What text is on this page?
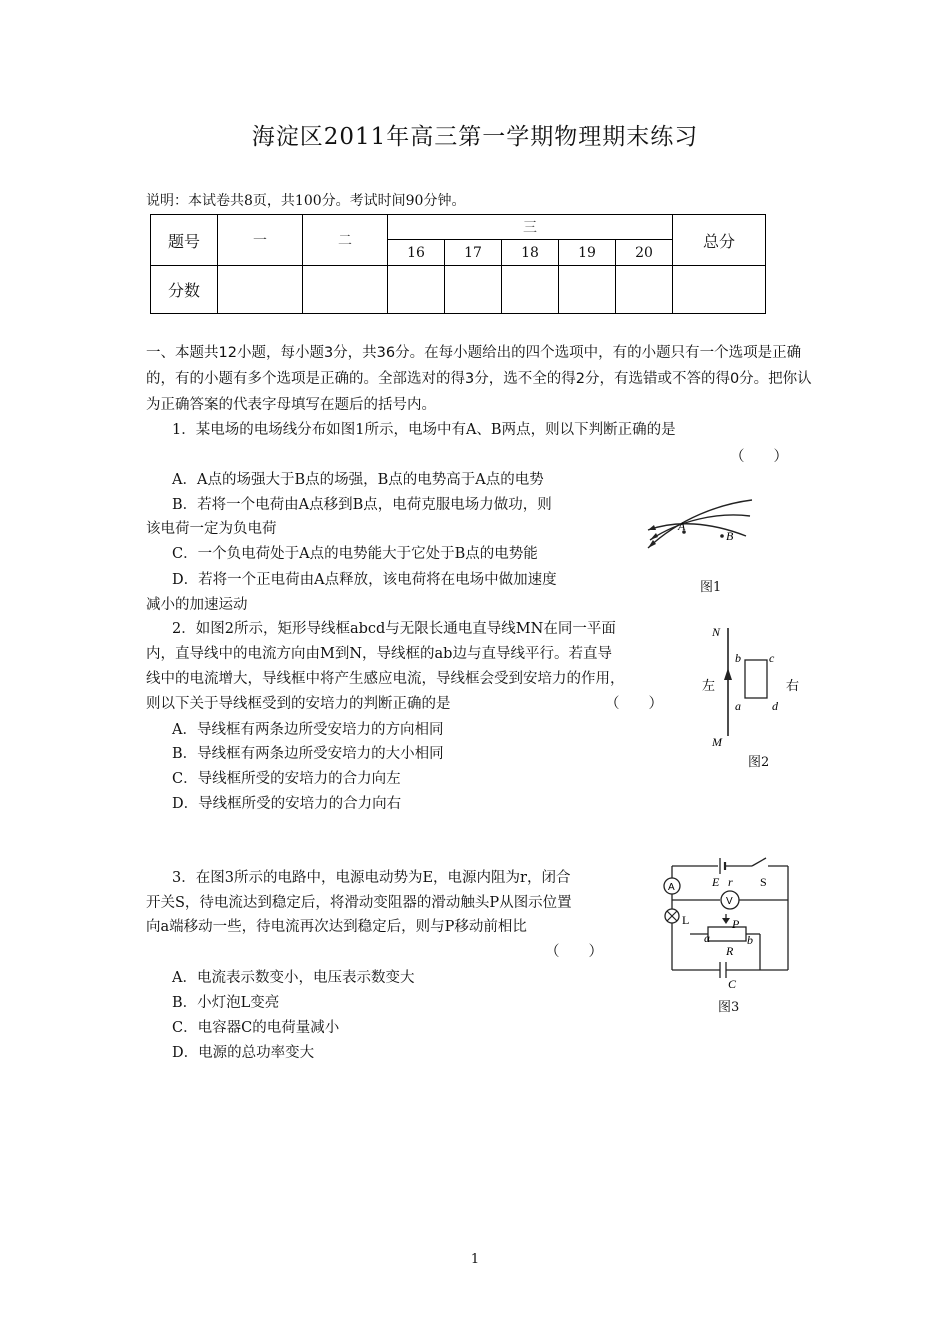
海淀区2011年高三第一学期物理期末练习
说明：本试卷共8页，共100分。考试时间90分钟。
题号	一	二	三					总分
			16	17	18	19	20	
分数								
一、本题共12小题，每小题3分，共36分。在每小题给出的四个选项中，有的小题只有一个选项是正确的，有的小题有多个选项是正确的。全部选对的得3分，选不全的得2分，有选错或不答的得0分。把你认为正确答案的代表字母填写在题后的括号内。
1．某电场的电场线分布如图1所示，电场中有A、B两点，则以下判断正确的是
（　　）
A．A点的场强大于B点的场强，B点的电势高于A点的电势
B．若将一个电荷由A点移到B点，电荷克服电场力做功，则
该电荷一定为负电荷
C．一个负电荷处于A点的电势能大于它处于B点的电势能
D．若将一个正电荷由A点释放，该电荷将在电场中做加速度
减小的加速运动
A
B
图1
2．如图2所示，矩形导线框abcd与无限长通电直导线MN在同一平面
内，直导线中的电流方向由M到N，导线框的ab边与直导线平行。若直导
线中的电流增大，导线框中将产生感应电流，导线框会受到安培力的作用，
则以下关于导线框受到的安培力的判断正确的是	（　　）
A．导线框有两条边所受安培力的方向相同
B．导线框有两条边所受安培力的大小相同
C．导线框所受的安培力的合力向左
D．导线框所受的安培力的合力向右
N
M
左	右
b c
a	d
图2
3．在图3所示的电路中，电源电动势为E，电源内阻为r，闭合
开关S，待电流达到稳定后，将滑动变阻器的滑动触头P从图示位置
向a端移动一些，待电流再次达到稳定后，则与P移动前相比
（　　）
A．电流表示数变小，电压表示数变大
B．小灯泡L变亮
C．电容器C的电荷量减小
D．电源的总功率变大
A
V
E r S
L	P
a	b
R
C
图3
1
